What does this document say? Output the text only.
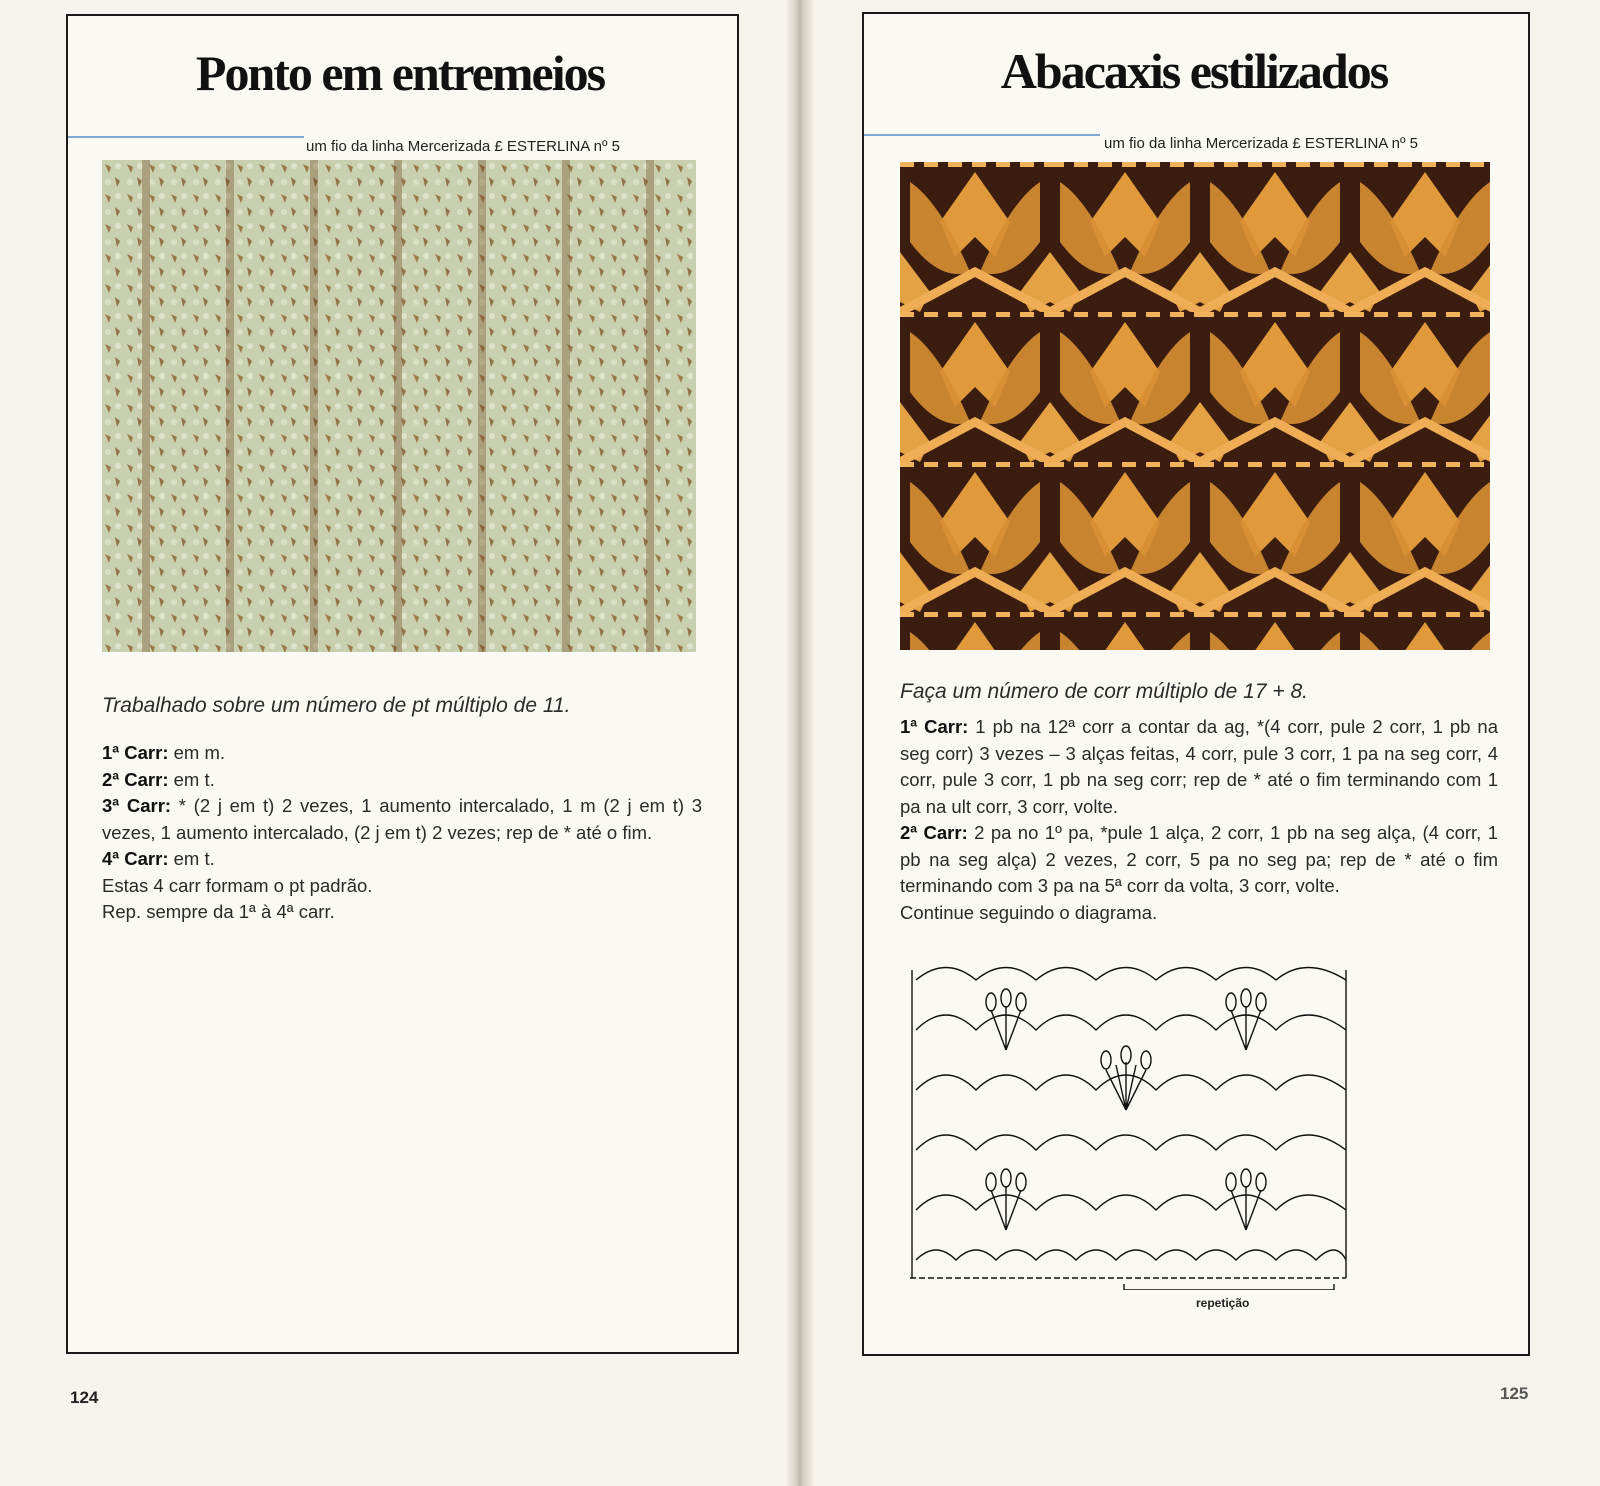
Ponto em entremeios
um fio da linha Mercerizada £ ESTERLINA nº 5
Trabalhado sobre um número de pt múltiplo de 11.

1ª Carr: em m.

2ª Carr: em t.

3ª Carr: * (2 j em t) 2 vezes, 1 aumento intercalado, 1 m (2 j em t) 3 vezes, 1 aumento intercalado, (2 j em t) 2 vezes; rep de * até o fim.

4ª Carr: em t.

Estas 4 carr formam o pt padrão.

Rep. sempre da 1ª à 4ª carr.

124
Abacaxis estilizados
um fio da linha Mercerizada £ ESTERLINA nº 5
Faça um número de corr múltiplo de 17 + 8.

1ª Carr: 1 pb na 12ª corr a contar da ag, *(4 corr, pule 2 corr, 1 pb na seg corr) 3 vezes – 3 alças feitas, 4 corr, pule 3 corr, 1 pa na seg corr, 4 corr, pule 3 corr, 1 pb na seg corr; rep de * até o fim terminando com 1 pa na ult corr, 3 corr, volte.

2ª Carr: 2 pa no 1º pa, *pule 1 alça, 2 corr, 1 pb na seg alça, (4 corr, 1 pb na seg alça) 2 vezes, 2 corr, 5 pa no seg pa; rep de * até o fim terminando com 3 pa na 5ª corr da volta, 3 corr, volte.

Continue seguindo o diagrama.

repetição
125
